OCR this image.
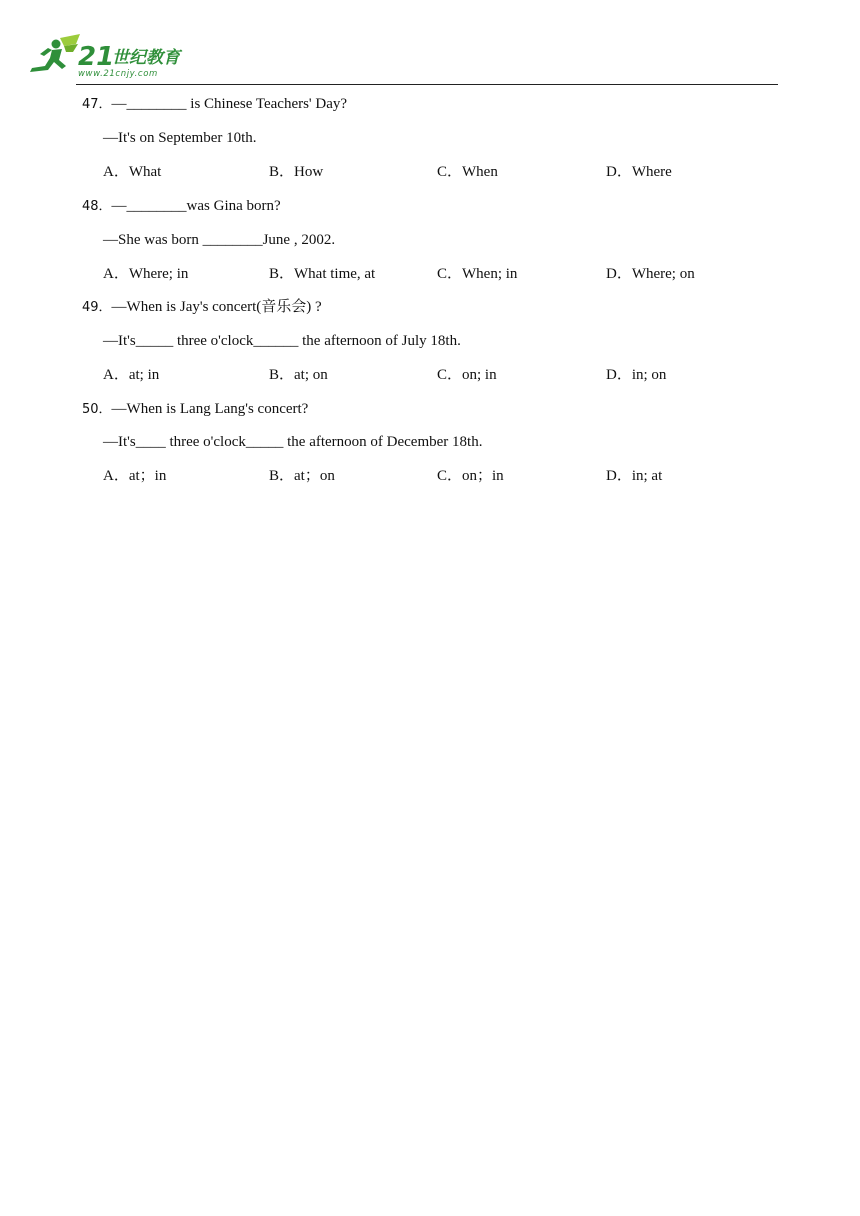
21
世纪教育
www.21cnjy.com
47．—________ is Chinese Teachers' Day?
—It's on September 10th.
A．What	B．How	C．When	D．Where
48．—________was Gina born?
—She was born ________June , 2002.
A．Where; in	B．What time, at	C．When; in	D．Where; on
49．—When is Jay's concert(音乐会) ?
—It's_____ three o'clock______ the afternoon of July 18th.
A．at; in	B．at; on	C．on; in	D．in; on
50．—When is Lang Lang's concert?
—It's____ three o'clock_____ the afternoon of December 18th.
A．at；in	B．at；on	C．on；in	D．in; at
